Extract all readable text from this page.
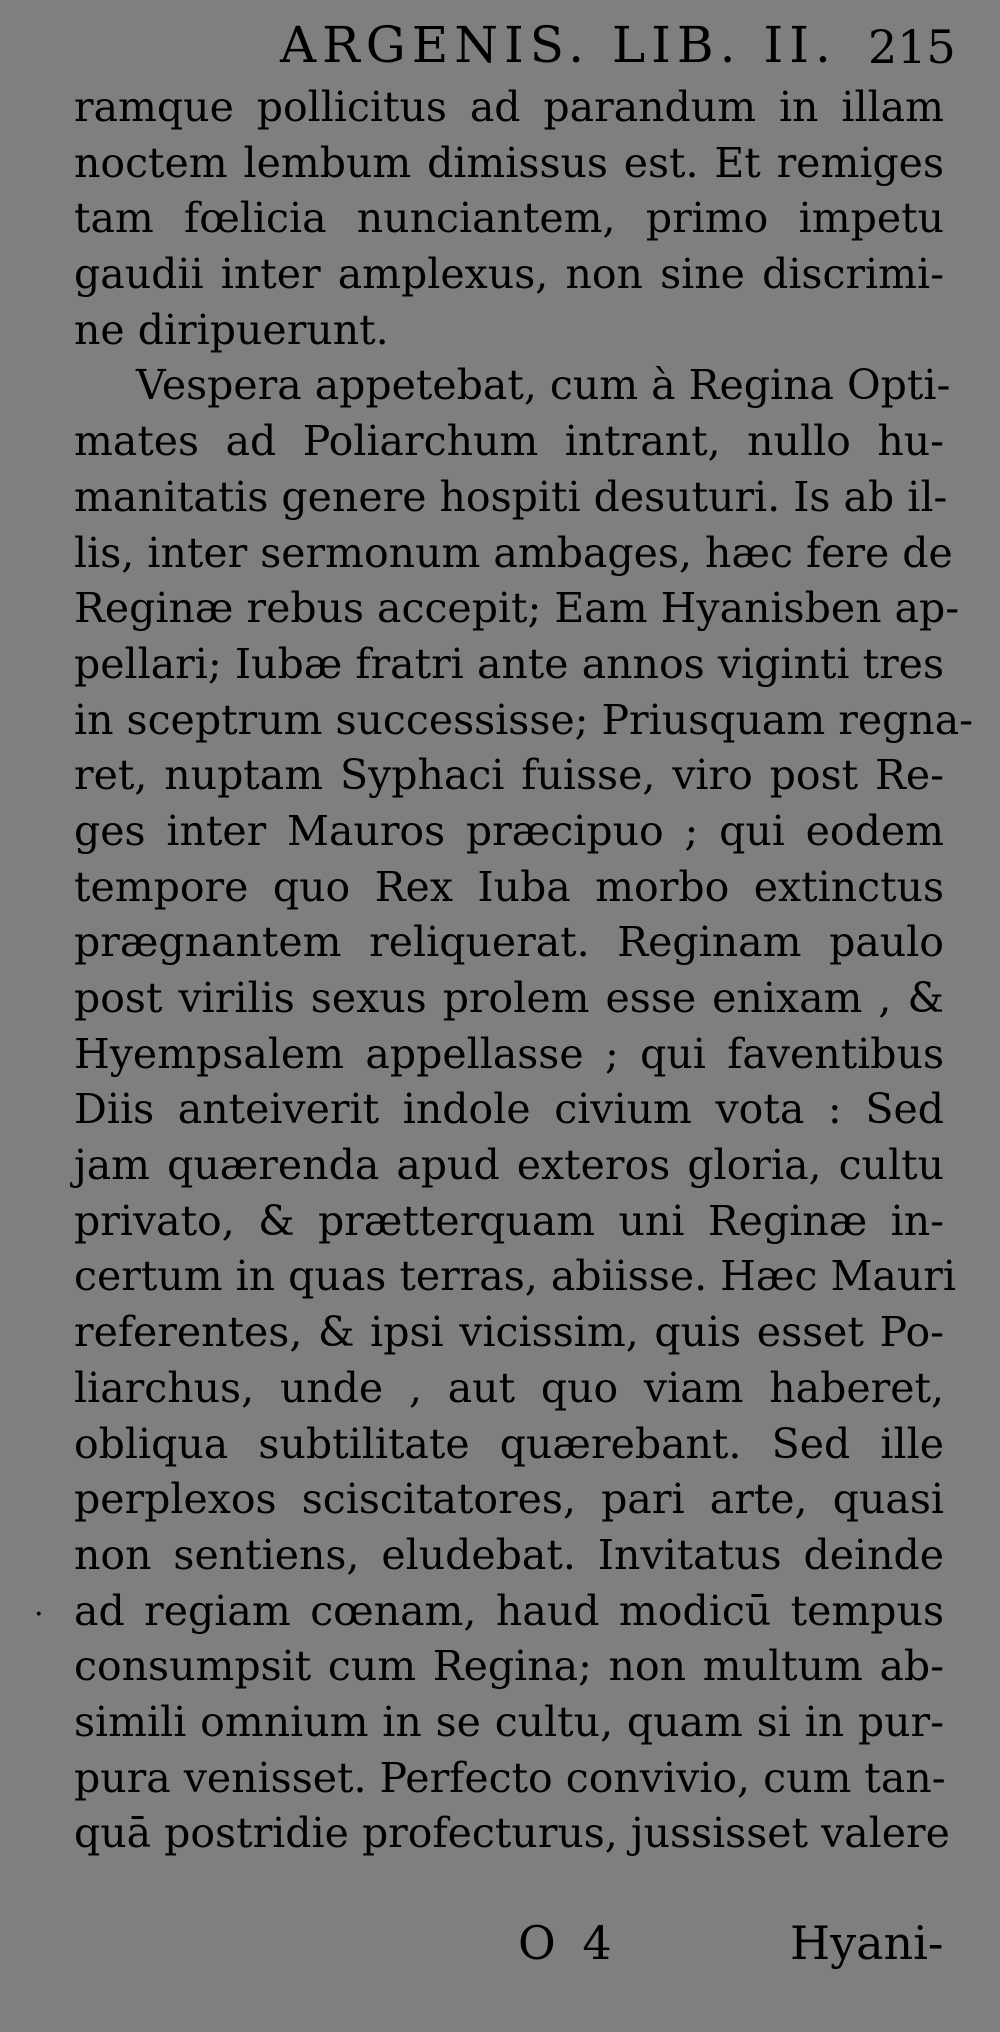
ARGENIS. LIB. II. 215
ramque pollicitus ad parandum in illam
noctem lembum dimissus est. Et remiges
tam fœlicia nunciantem, primo impetu
gaudii inter amplexus, non sine discrimi-
ne diripuerunt.
Vespera appetebat, cum à Regina Opti-
mates ad Poliarchum intrant, nullo hu-
manitatis genere hospiti desuturi. Is ab il-
lis, inter sermonum ambages, hæc fere de
Reginæ rebus accepit; Eam Hyanisben ap-
pellari; Iubæ fratri ante annos viginti tres
in sceptrum successisse; Priusquam regna-
ret, nuptam Syphaci fuisse, viro post Re-
ges inter Mauros præcipuo ; qui eodem
tempore quo Rex Iuba morbo extinctus
prægnantem reliquerat. Reginam paulo
post virilis sexus prolem esse enixam , &
Hyempsalem appellasse ; qui faventibus
Diis anteiverit indole civium vota : Sed
jam quærenda apud exteros gloria, cultu
privato, & prætterquam uni Reginæ in-
certum in quas terras, abiisse. Hæc Mauri
referentes, & ipsi vicissim, quis esset Po-
liarchus, unde , aut quo viam haberet,
obliqua subtilitate quærebant. Sed ille
perplexos sciscitatores, pari arte, quasi
non sentiens, eludebat. Invitatus deinde
ad regiam cœnam, haud modicū tempus
consumpsit cum Regina; non multum ab-
simili omnium in se cultu, quam si in pur-
pura venisset. Perfecto convivio, cum tan-
quā postridie profecturus, jussisset valere
·
O 4	Hyani-
